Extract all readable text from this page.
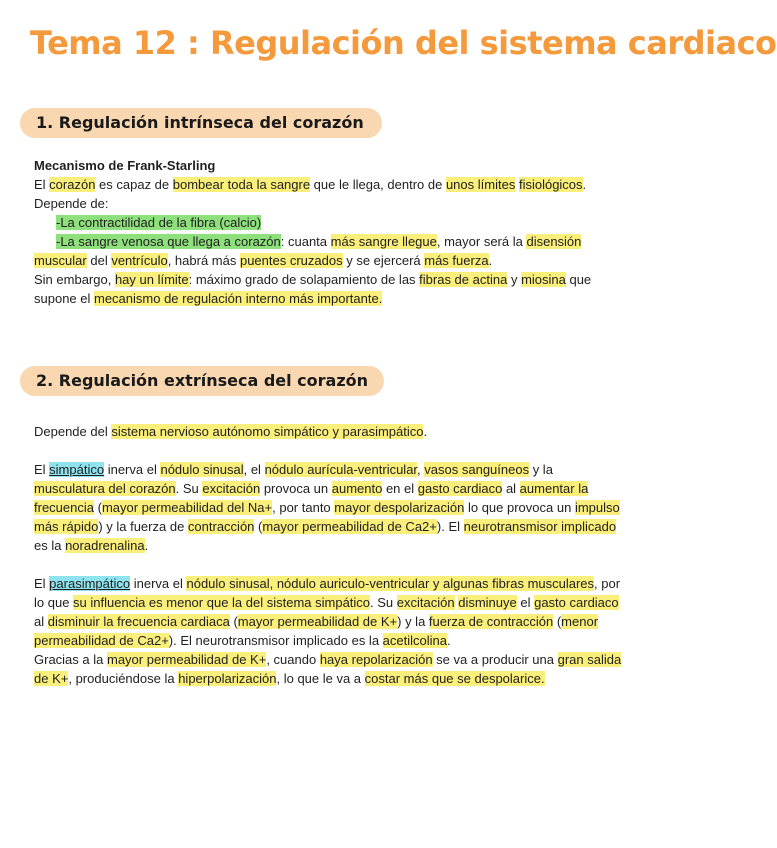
Tema 12 : Regulación del sistema cardiaco
1. Regulación intrínseca del corazón

Mecanismo de Frank-Starling

El corazón es capaz de bombear toda la sangre que le llega, dentro de unos límites fisiológicos.

Depende de:

-La contractilidad de la fibra (calcio)

-La sangre venosa que llega a corazón: cuanta más sangre llegue, mayor será la disensión muscular del ventrículo, habrá más puentes cruzados y se ejercerá más fuerza.

Sin embargo, hay un límite: máximo grado de solapamiento de las fibras de actina y miosina que supone el mecanismo de regulación interno más importante.

2. Regulación extrínseca del corazón

Depende del sistema nervioso autónomo simpático y parasimpático.

El simpático inerva el nódulo sinusal, el nódulo aurícula-ventricular, vasos sanguíneos y la musculatura del corazón. Su excitación provoca un aumento en el gasto cardiaco al aumentar la frecuencia (mayor permeabilidad del Na+, por tanto mayor despolarización lo que provoca un impulso más rápido) y la fuerza de contracción (mayor permeabilidad de Ca2+). El neurotransmisor implicado es la noradrenalina.

El parasimpático inerva el nódulo sinusal, nódulo auriculo-ventricular y algunas fibras musculares, por lo que su influencia es menor que la del sistema simpático. Su excitación disminuye el gasto cardiaco al disminuir la frecuencia cardiaca (mayor permeabilidad de K+) y la fuerza de contracción (menor permeabilidad de Ca2+). El neurotransmisor implicado es la acetilcolina.

Gracias a la mayor permeabilidad de K+, cuando haya repolarización se va a producir una gran salida de K+, produciéndose la hiperpolarización, lo que le va a costar más que se despolarice.
